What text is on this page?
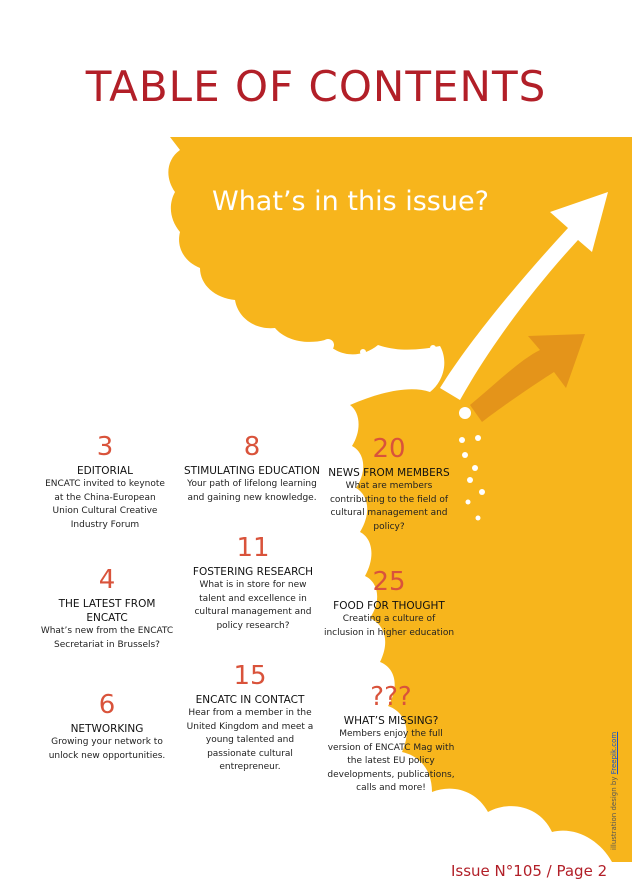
TABLE OF CONTENTS
What’s in this issue?
3
EDITORIAL
ENCATC invited to keynote at the China-European Union Cultural Creative Industry Forum
8
STIMULATING EDUCATION
Your path of lifelong learning and gaining new knowledge.
20
NEWS FROM MEMBERS
What are members contributing to the field of cultural management and policy?
11
FOSTERING RESEARCH
What is in store for new talent and excellence in cultural management and policy research?
4
THE LATEST FROM ENCATC
What’s new from the ENCATC Secretariat in Brussels?
25
FOOD FOR THOUGHT
Creating a culture of inclusion in higher education
15
ENCATC IN CONTACT
Hear from a member in the United Kingdom and meet a young talented and passionate cultural entrepreneur.
6
NETWORKING
Growing your network to unlock new opportunities.
???
WHAT’S MISSING?
Members enjoy the full version of ENCATC Mag with the latest EU policy developments, publications, calls and more!
Issue N°105 / Page 2
illustration design by Freepik.com
